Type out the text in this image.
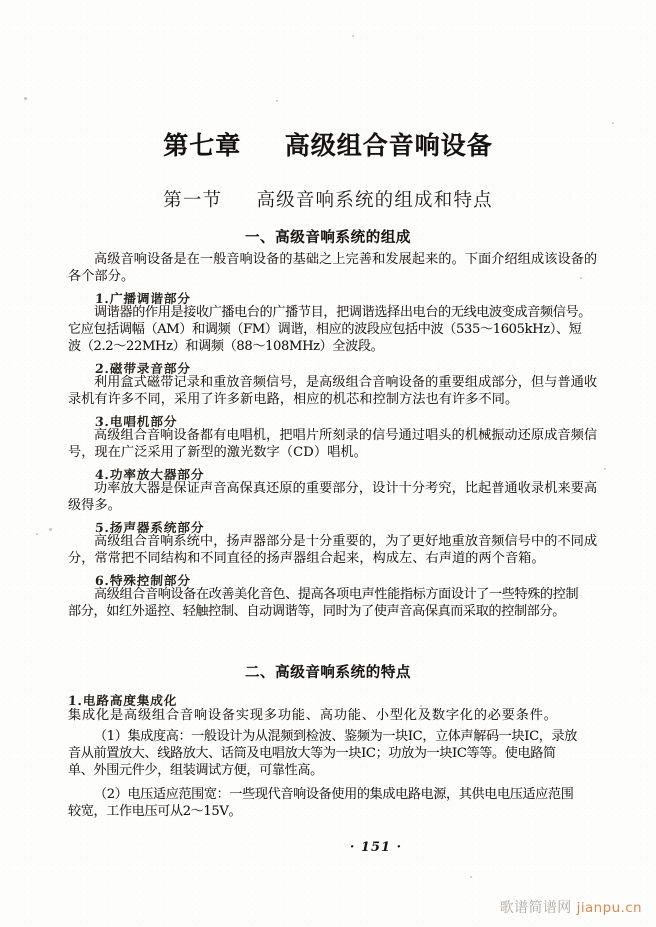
第七章 高级组合音响设备
第一节 高级音响系统的组成和特点
一、高级音响系统的组成
高级音响设备是在一般音响设备的基础之上完善和发展起来的。下面介绍组成该设备的
各个部分。
1.广播调谐部分
调谐器的作用是接收广播电台的广播节目，把调谐选择出电台的无线电波变成音频信号。
它应包括调幅（AM）和调频（FM）调谐，相应的波段应包括中波（535～1605kHz）、短
波（2.2～22MHz）和调频（88～108MHz）全波段。
2.磁带录音部分
利用盒式磁带记录和重放音频信号，是高级组合音响设备的重要组成部分，但与普通收
录机有许多不同，采用了许多新电路，相应的机芯和控制方法也有许多不同。
3.电唱机部分
高级组合音响设备都有电唱机，把唱片所刻录的信号通过唱头的机械振动还原成音频信
号，现在广泛采用了新型的激光数字（CD）唱机。
4.功率放大器部分
功率放大器是保证声音高保真还原的重要部分，设计十分考究，比起普通收录机来要高
级得多。
5.扬声器系统部分
高级组合音响系统中，扬声器部分是十分重要的，为了更好地重放音频信号中的不同成
分，常常把不同结构和不同直径的扬声器组合起来，构成左、右声道的两个音箱。
6.特殊控制部分
高级组合音响设备在改善美化音色、提高各项电声性能指标方面设计了一些特殊的控制
部分，如红外遥控、轻触控制、自动调谐等，同时为了使声音高保真而采取的控制部分。
二、高级音响系统的特点
1.电路高度集成化
集成化是高级组合音响设备实现多功能、高功能、小型化及数字化的必要条件。
（1）集成度高：一般设计为从混频到检波、鉴频为一块IC，立体声解码一块IC，录放
音从前置放大、线路放大、话筒及电唱放大等为一块IC；功放为一块IC等等。使电路简
单、外围元件少，组装调试方便，可靠性高。
（2）电压适应范围宽：一些现代音响设备使用的集成电路电源，其供电电压适应范围
较宽，工作电压可从2～15V。
· 151 ·
歌谱简谱网 jianpu.cn
